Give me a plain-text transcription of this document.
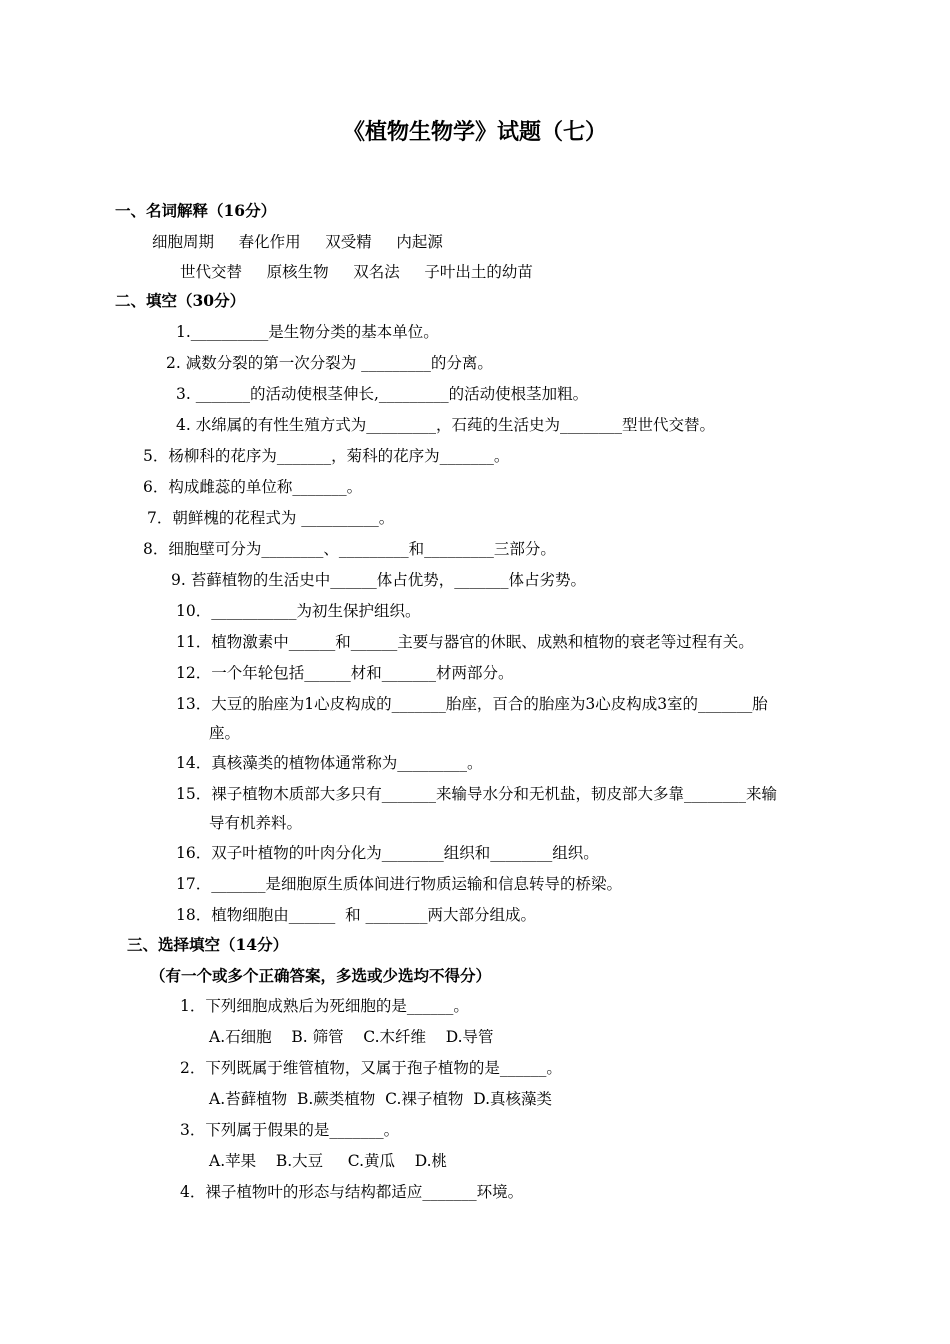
《植物生物学》试题（七）
一、名词解释（16分）
细胞周期     春化作用     双受精     内起源
世代交替     原核生物     双名法     子叶出土的幼苗
二、填空（30分）
1.__________是生物分类的基本单位。
2. 减数分裂的第一次分裂为 _________的分离。
3. _______的活动使根茎伸长,_________的活动使根茎加粗。
4. 水绵属的有性生殖方式为_________，石莼的生活史为________型世代交替。
5．杨柳科的花序为_______，菊科的花序为_______。
6．构成雌蕊的单位称_______。
7．朝鲜槐的花程式为 __________。
8．细胞壁可分为________、_________和_________三部分。
9. 苔藓植物的生活史中______体占优势，_______体占劣势。
10．___________为初生保护组织。
11．植物激素中______和______主要与器官的休眠、成熟和植物的衰老等过程有关。
12．一个年轮包括______材和_______材两部分。
13．大豆的胎座为1心皮构成的_______胎座，百合的胎座为3心皮构成3室的_______胎
座。
14．真核藻类的植物体通常称为_________。
15．裸子植物木质部大多只有_______来输导水分和无机盐，韧皮部大多靠________来输
导有机养料。
16．双子叶植物的叶肉分化为________组织和________组织。
17．_______是细胞原生质体间进行物质运输和信息转导的桥梁。
18．植物细胞由______  和 ________两大部分组成。
三、选择填空（14分）
（有一个或多个正确答案，多选或少选均不得分）
1．下列细胞成熟后为死细胞的是______。
A.石细胞    B. 筛管    C.木纤维    D.导管
2．下列既属于维管植物，又属于孢子植物的是______。
A.苔藓植物  B.蕨类植物  C.裸子植物  D.真核藻类
3．下列属于假果的是_______。
A.苹果    B.大豆     C.黄瓜    D.桃
4．裸子植物叶的形态与结构都适应_______环境。
